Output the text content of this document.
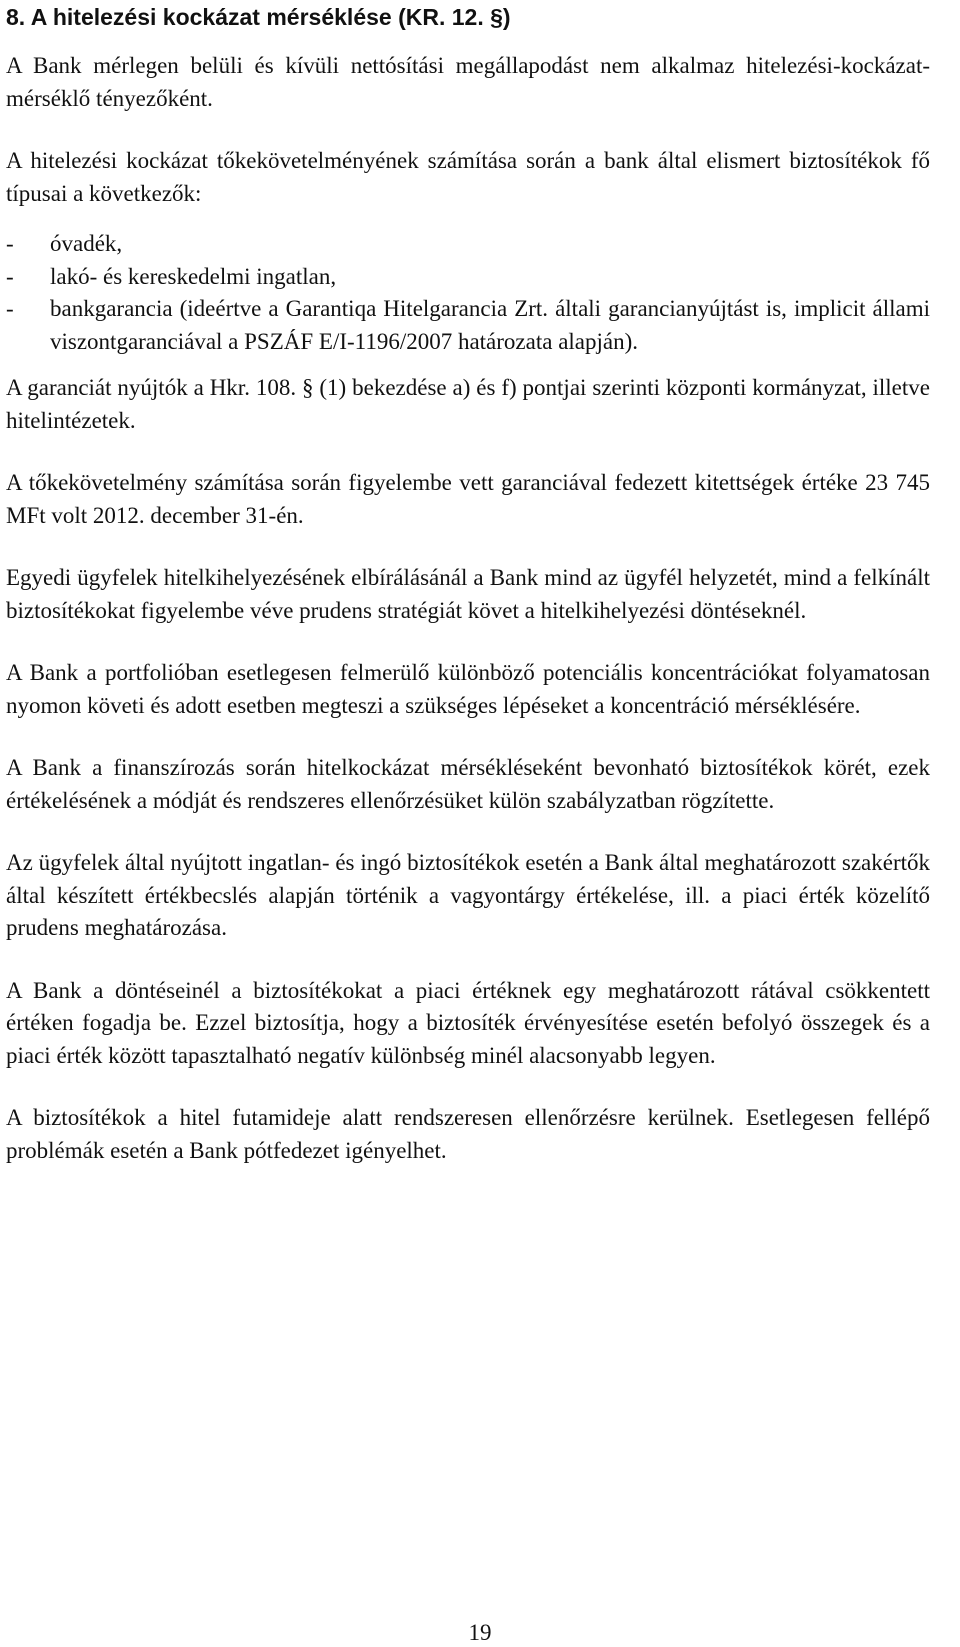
8. A hitelezési kockázat mérséklése (KR. 12. §)

A Bank mérlegen belüli és kívüli nettósítási megállapodást nem alkalmaz hitelezési-kockázat-mérséklő tényezőként.

A hitelezési kockázat tőkekövetelményének számítása során a bank által elismert biztosítékok fő típusai a következők:

- óvadék,
- lakó- és kereskedelmi ingatlan,
- bankgarancia (ideértve a Garantiqa Hitelgarancia Zrt. általi garancianyújtást is, implicit állami viszontgaranciával a PSZÁF E/I-1196/2007 határozata alapján).

A garanciát nyújtók a Hkr. 108. § (1) bekezdése a) és f) pontjai szerinti központi kormányzat, illetve hitelintézetek.

A tőkekövetelmény számítása során figyelembe vett garanciával fedezett kitettségek értéke 23 745 MFt volt 2012. december 31-én.

Egyedi ügyfelek hitelkihelyezésének elbírálásánál a Bank mind az ügyfél helyzetét, mind a felkínált biztosítékokat figyelembe véve prudens stratégiát követ a hitelkihelyezési döntéseknél.

A Bank a portfolióban esetlegesen felmerülő különböző potenciális koncentrációkat folyamatosan nyomon követi és adott esetben megteszi a szükséges lépéseket a koncentráció mérséklésére.

A Bank a finanszírozás során hitelkockázat mérsékléseként bevonható biztosítékok körét, ezek értékelésének a módját és rendszeres ellenőrzésüket külön szabályzatban rögzítette.

Az ügyfelek által nyújtott ingatlan- és ingó biztosítékok esetén a Bank által meghatározott szakértők által készített értékbecslés alapján történik a vagyontárgy értékelése, ill. a piaci érték közelítő prudens meghatározása.

A Bank a döntéseinél a biztosítékokat a piaci értéknek egy meghatározott rátával csökkentett értéken fogadja be. Ezzel biztosítja, hogy a biztosíték érvényesítése esetén befolyó összegek és a piaci érték között tapasztalható negatív különbség minél alacsonyabb legyen.

A biztosítékok a hitel futamideje alatt rendszeresen ellenőrzésre kerülnek. Esetlegesen fellépő problémák esetén a Bank pótfedezet igényelhet.

19
